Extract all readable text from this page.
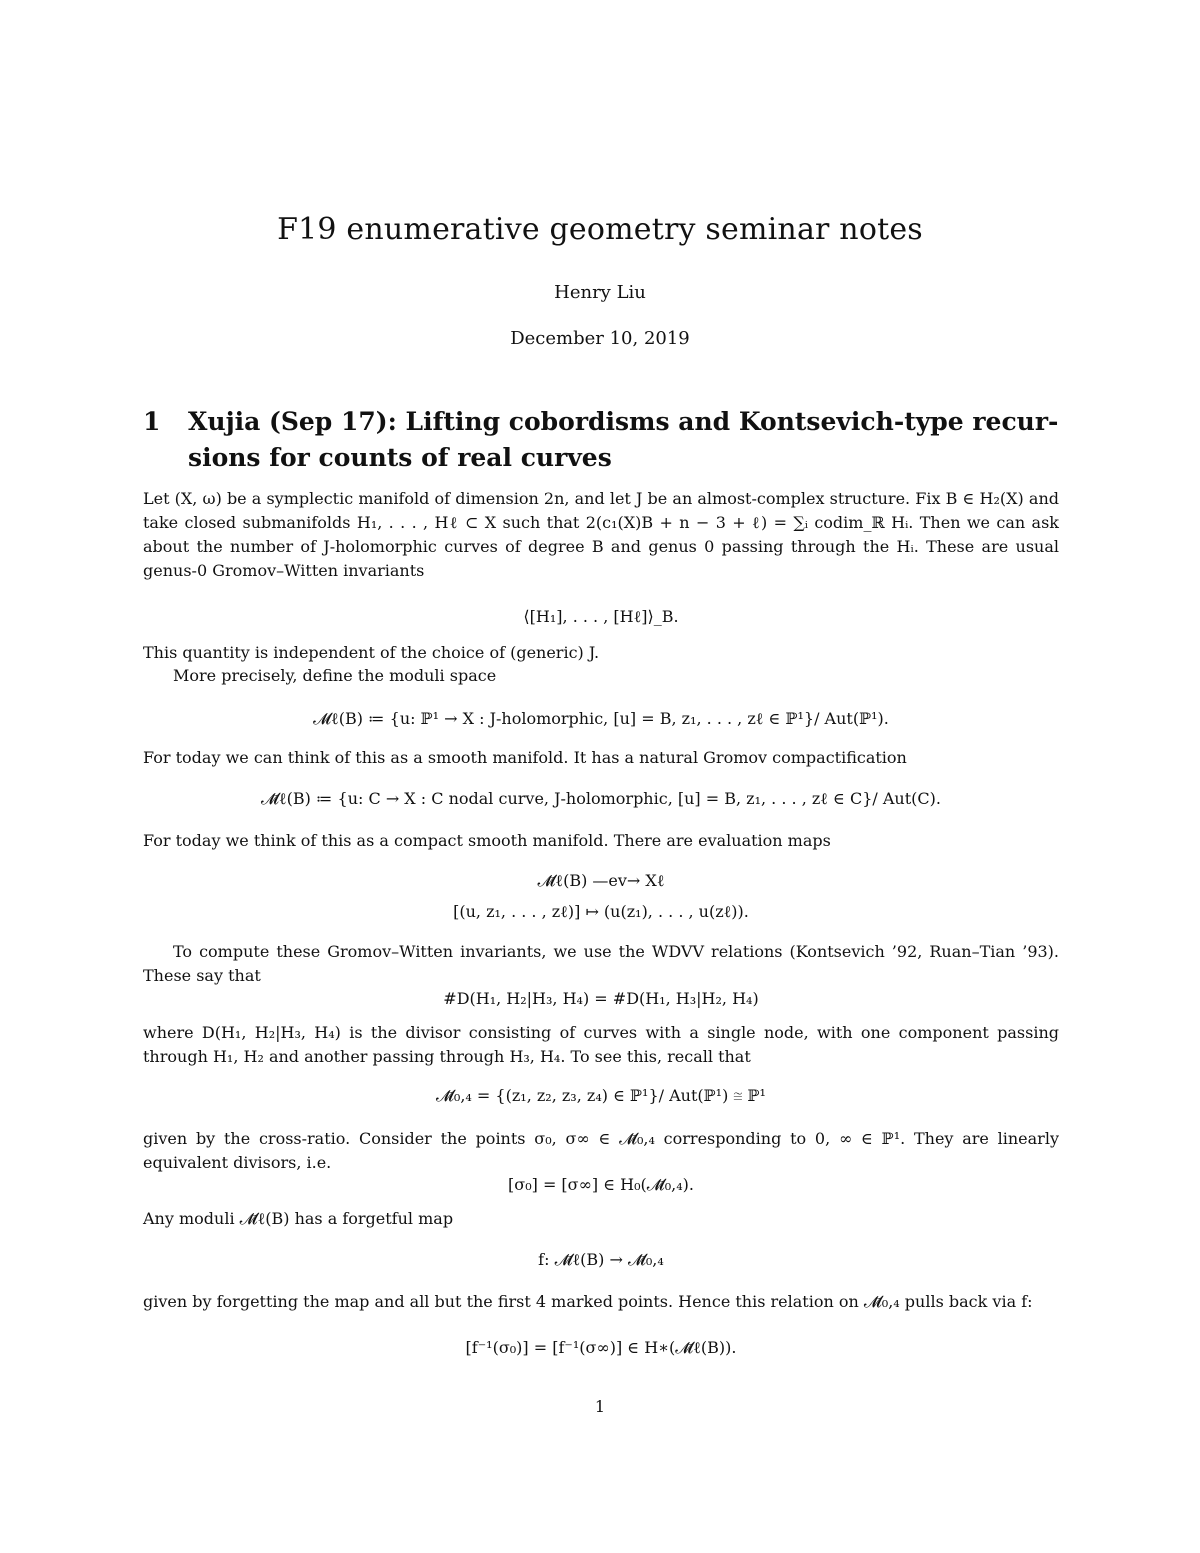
F19 enumerative geometry seminar notes
Henry Liu
December 10, 2019
1 Xujia (Sep 17): Lifting cobordisms and Kontsevich-type recur- sions for counts of real curves

Let (X, ω) be a symplectic manifold of dimension 2n, and let J be an almost-complex structure. Fix B ∈ H₂(X) and take closed submanifolds H₁, . . . , Hℓ ⊂ X such that 2(c₁(X)B + n − 3 + ℓ) = ∑ᵢ codim_ℝ Hᵢ. Then we can ask about the number of J-holomorphic curves of degree B and genus 0 passing through the Hᵢ. These are usual genus-0 Gromov–Witten invariants

⟨[H₁], . . . , [Hℓ]⟩_B.

This quantity is independent of the choice of (generic) J.

More precisely, define the moduli space

𝓜ℓ(B) ≔ {u: ℙ¹ → X : J-holomorphic, [u] = B, z₁, . . . , zℓ ∈ ℙ¹}/ Aut(ℙ¹).

For today we can think of this as a smooth manifold. It has a natural Gromov compactification

𝓜̄ℓ(B) ≔ {u: C → X : C nodal curve, J-holomorphic, [u] = B, z₁, . . . , zℓ ∈ C}/ Aut(C).

For today we think of this as a compact smooth manifold. There are evaluation maps

𝓜̄ℓ(B) —ev→ Xℓ
[(u, z₁, . . . , zℓ)] ↦ (u(z₁), . . . , u(zℓ)).

To compute these Gromov–Witten invariants, we use the WDVV relations (Kontsevich ’92, Ruan–Tian ’93). These say that

#D(H₁, H₂|H₃, H₄) = #D(H₁, H₃|H₂, H₄)

where D(H₁, H₂|H₃, H₄) is the divisor consisting of curves with a single node, with one component passing through H₁, H₂ and another passing through H₃, H₄. To see this, recall that

𝓜̄₀,₄ = {(z₁, z₂, z₃, z₄) ∈ ℙ¹}/ Aut(ℙ¹) ≅ ℙ¹

given by the cross-ratio. Consider the points σ₀, σ∞ ∈ 𝓜̄₀,₄ corresponding to 0, ∞ ∈ ℙ¹. They are linearly equivalent divisors, i.e.

[σ₀] = [σ∞] ∈ H₀(𝓜̄₀,₄).

Any moduli 𝓜̄ℓ(B) has a forgetful map

f: 𝓜̄ℓ(B) → 𝓜̄₀,₄

given by forgetting the map and all but the first 4 marked points. Hence this relation on 𝓜̄₀,₄ pulls back via f:

[f⁻¹(σ₀)] = [f⁻¹(σ∞)] ∈ H∗(𝓜̄ℓ(B)).
1
